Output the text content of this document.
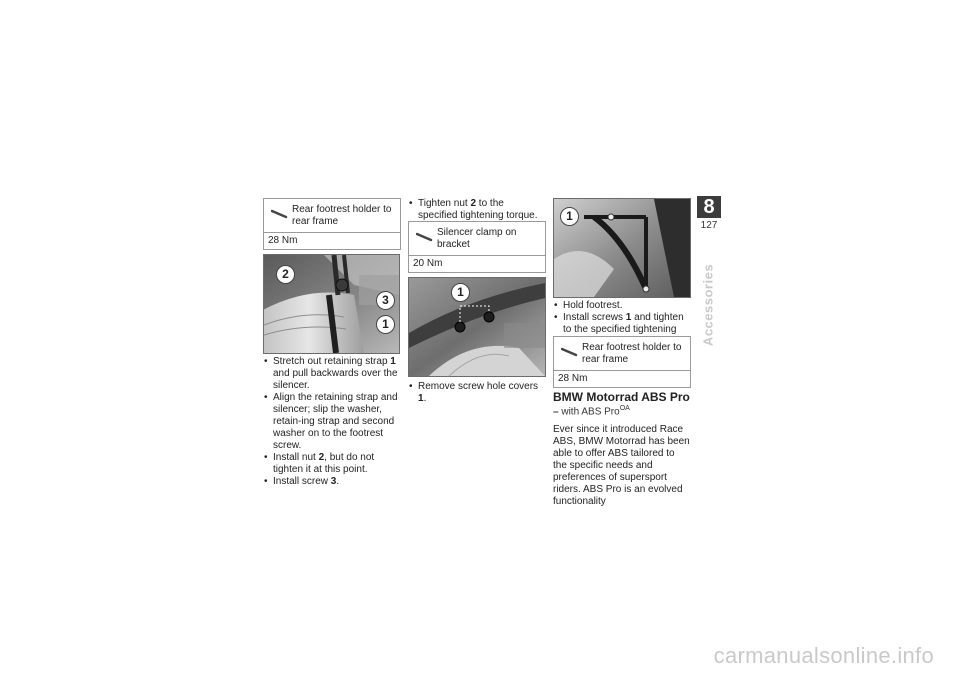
Rear footrest holder to rear frame
28 Nm
2
3
1
• Stretch out retaining strap 1 and pull backwards over the silencer.
• Align the retaining strap and silencer; slip the washer, retain-ing strap and second washer on to the footrest screw.
• Install nut 2, but do not tighten it at this point.
• Install screw 3.
• Tighten nut 2 to the specified tightening torque.
Silencer clamp on bracket
20 Nm
1
• Remove screw hole covers 1.
1
• Hold footrest.
• Install screws 1 and tighten to the specified tightening
Rear footrest holder to rear frame
28 Nm
BMW Motorrad ABS Pro
– with ABS Pro$^{OA}$
Ever since it introduced Race ABS, BMW Motorrad has been able to offer ABS tailored to the specific needs and preferences of supersport riders. ABS Pro is an evolved functionality
8
127
Accessories
carmanualsonline.info
